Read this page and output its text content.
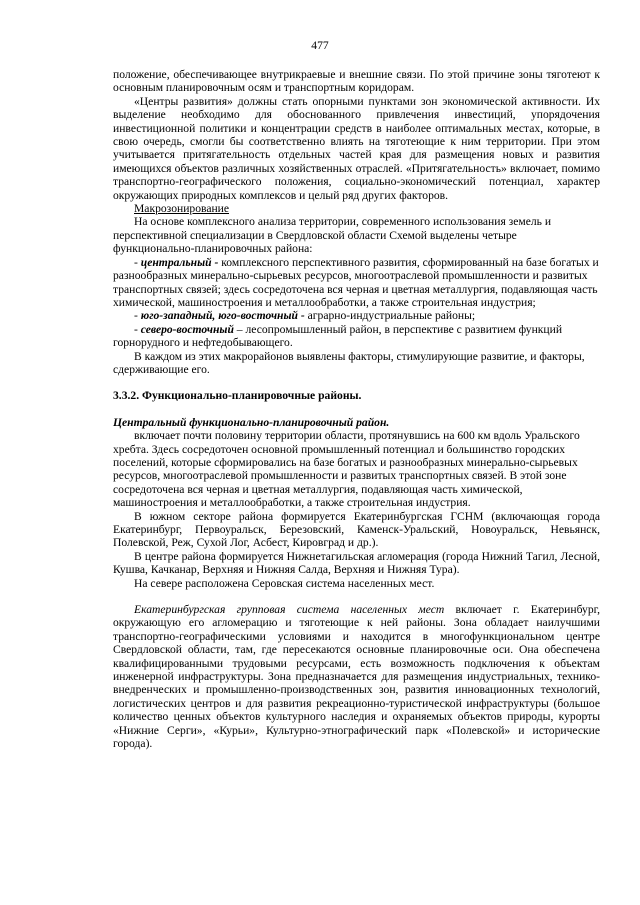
477

положение, обеспечивающее внутрикраевые и внешние связи. По этой причине зоны тяготеют к основным планировочным осям и транспортным коридорам.

«Центры развития» должны стать опорными пунктами зон экономической активности. Их выделение необходимо для обоснованного привлечения инвестиций, упорядочения инвестиционной политики и концентрации средств в наиболее оптимальных местах, которые, в свою очередь, смогли бы соответственно влиять на тяготеющие к ним территории. При этом учитывается притягательность отдельных частей края для размещения новых и развития имеющихся объектов различных хозяйственных отраслей. «Притягательность» включает, помимо транспортно-географического положения, социально-экономический потенциал, характер окружающих природных комплексов и целый ряд других факторов.

Макрозонирование

На основе комплексного анализа территории, современного использования земель и перспективной специализации в Свердловской области Схемой выделены четыре функционально-планировочных района:

- центральный - комплексного перспективного развития, сформированный на базе богатых и разнообразных минерально-сырьевых ресурсов, многоотраслевой промышленности и развитых транспортных связей; здесь сосредоточена вся черная и цветная металлургия, подавляющая часть химической, машиностроения и металлообработки, а также строительная индустрия;

- юго-западный, юго-восточный - аграрно-индустриальные районы;

- северо-восточный – лесопромышленный район, в перспективе с развитием функций горнорудного и нефтедобывающего.

В каждом из этих макрорайонов выявлены факторы, стимулирующие развитие, и факторы, сдерживающие его.

3.3.2. Функционально-планировочные районы.

Центральный функционально-планировочный район.

включает почти половину территории области, протянувшись на 600 км вдоль Уральского хребта. Здесь сосредоточен основной промышленный потенциал и большинство городских поселений, которые сформировались на базе богатых и разнообразных минерально-сырьевых ресурсов, многоотраслевой промышленности и развитых транспортных связей. В этой зоне сосредоточена вся черная и цветная металлургия, подавляющая часть химической, машиностроения и металлообработки, а также строительная индустрия.

В южном секторе района формируется Екатеринбургская ГСНМ (включающая города Екатеринбург, Первоуральск, Березовский, Каменск-Уральский, Новоуральск, Невьянск, Полевской, Реж, Сухой Лог, Асбест, Кировград и др.).

В центре района формируется Нижнетагильская агломерация (города Нижний Тагил, Лесной, Кушва, Качканар, Верхняя и Нижняя Салда, Верхняя и Нижняя Тура).

На севере расположена Серовская система населенных мест.

Екатеринбургская групповая система населенных мест включает г. Екатеринбург, окружающую его агломерацию и тяготеющие к ней районы. Зона обладает наилучшими транспортно-географическими условиями и находится в многофункциональном центре Свердловской области, там, где пересекаются основные планировочные оси. Она обеспечена квалифицированными трудовыми ресурсами, есть возможность подключения к объектам инженерной инфраструктуры. Зона предназначается для размещения индустриальных, технико-внедренческих и промышленно-производственных зон, развития инновационных технологий, логистических центров и для развития рекреационно-туристической инфраструктуры (большое количество ценных объектов культурного наследия и охраняемых объектов природы, курорты «Нижние Серги», «Курьи», Культурно-этнографический парк «Полевской» и исторические города).
